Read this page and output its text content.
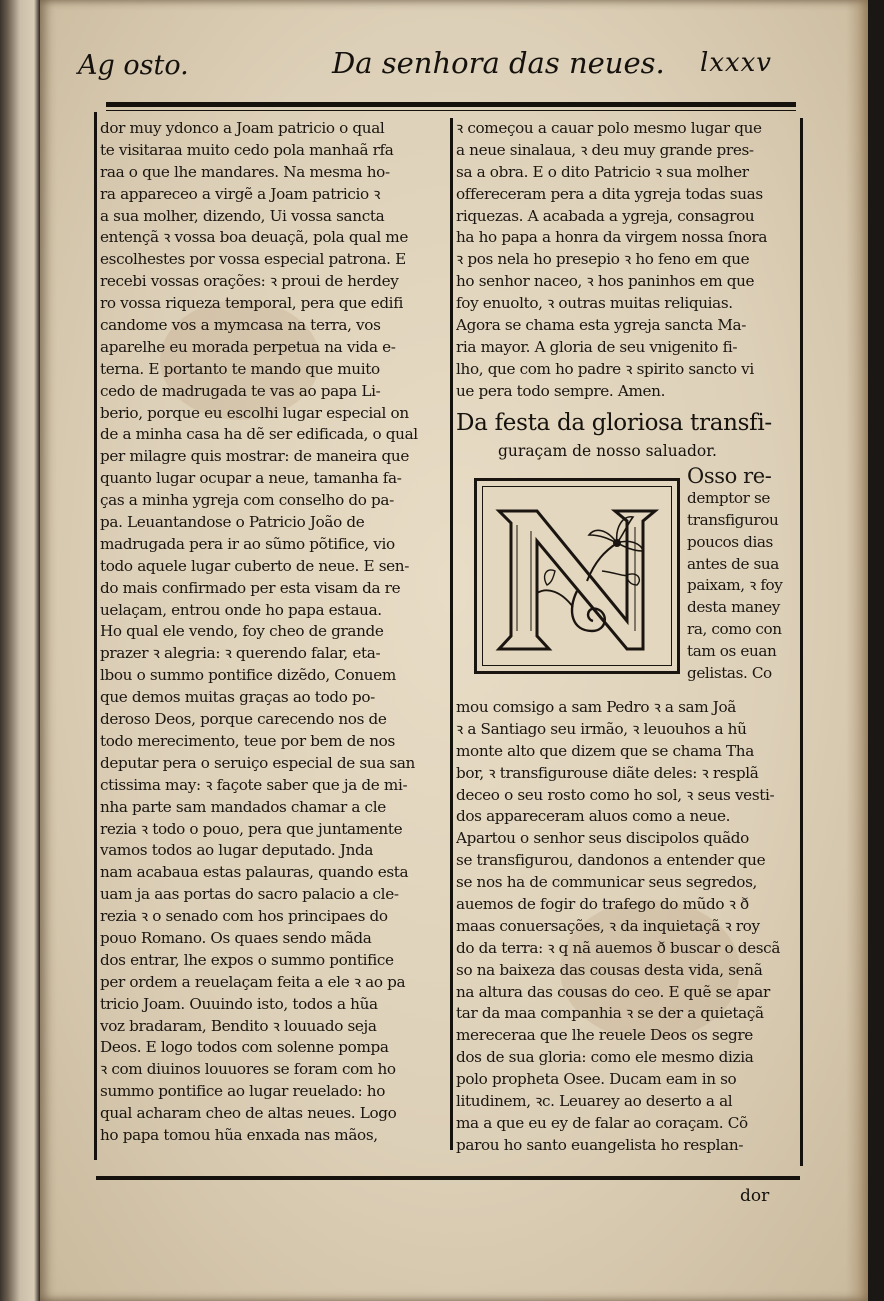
Ag osto.	Da senhora das neues. lxxxv
dor muy ydonco a Joam patricio o qual
te visitaraa muito cedo pola manhaã rfa
raa o que lhe mandares. Na mesma ho-
ra appareceo a virgẽ a Joam patricio ꝛ
a sua molher, dizendo, Ui vossa sancta
entençã ꝛ vossa boa deuaçã, pola qual me
escolhestes por vossa especial patrona. E
recebi vossas orações: ꝛ proui de herdey
ro vossa riqueza temporal, pera que edifi
candome vos a mymcasa na terra, vos
aparelhe eu morada perpetua na vida e-
terna. E portanto te mando que muito
cedo de madrugada te vas ao papa Li-
berio, porque eu escolhi lugar especial on
de a minha casa ha dẽ ser edificada, o qual
per milagre quis mostrar: de maneira que
quanto lugar ocupar a neue, tamanha fa-
ças a minha ygreja com conselho do pa-
pa. Leuantandose o Patricio João de
madrugada pera ir ao sũmo põtifice, vio
todo aquele lugar cuberto de neue. E sen-
do mais confirmado per esta visam da re
uelaçam, entrou onde ho papa estaua.
Ho qual ele vendo, foy cheo de grande
prazer ꝛ alegria: ꝛ querendo falar, eta-
lbou o summo pontifice dizẽdo, Conuem
que demos muitas graças ao todo po-
deroso Deos, porque carecendo nos de
todo merecimento, teue por bem de nos
deputar pera o seruiço especial de sua san
ctissima may: ꝛ façote saber que ja de mi-
nha parte sam mandados chamar a cle
rezia ꝛ todo o pouo, pera que juntamente
vamos todos ao lugar deputado. Jnda
nam acabaua estas palauras, quando esta
uam ja aas portas do sacro palacio a cle-
rezia ꝛ o senado com hos principaes do
pouo Romano. Os quaes sendo mãda
dos entrar, lhe expos o summo pontifice
per ordem a reuelaçam feita a ele ꝛ ao pa
tricio Joam. Ouuindo isto, todos a hũa
voz bradaram, Bendito ꝛ louuado seja
Deos. E logo todos com solenne pompa
ꝛ com diuinos louuores se foram com ho
summo pontifice ao lugar reuelado: ho
qual acharam cheo de altas neues. Logo
ho papa tomou hũa enxada nas mãos,
ꝛ começou a cauar polo mesmo lugar que
a neue sinalaua, ꝛ deu muy grande pres-
sa a obra. E o dito Patricio ꝛ sua molher
offereceram pera a dita ygreja todas suas
riquezas. A acabada a ygreja, consagrou
ha ho papa a honra da virgem nossa ſnora
ꝛ pos nela ho presepio ꝛ ho feno em que
ho senhor naceo, ꝛ hos paninhos em que
foy enuolto, ꝛ outras muitas reliquias.
Agora se chama esta ygreja sancta Ma-
ria mayor. A gloria de seu vnigenito fi-
lho, que com ho padre ꝛ spirito sancto vi
ue pera todo sempre. Amen.
Da festa da gloriosa transfi-
guraçam de nosso saluador.
Osso re-
demptor se
transfigurou
poucos dias
antes de sua
paixam, ꝛ foy
desta maney
ra, como con
tam os euan
gelistas. Co
mou comsigo a sam Pedro ꝛ a sam Joã
ꝛ a Santiago seu irmão, ꝛ leuouhos a hũ
monte alto que dizem que se chama Tha
bor, ꝛ transfigurouse diãte deles: ꝛ resplã
deceo o seu rosto como ho sol, ꝛ seus vesti-
dos appareceram aluos como a neue.
Apartou o senhor seus discipolos quãdo
se transfigurou, dandonos a entender que
se nos ha de communicar seus segredos,
auemos de fogir do trafego do mũdo ꝛ ð
maas conuersações, ꝛ da inquietaçã ꝛ roy
do da terra: ꝛ q nã auemos ð buscar o descã
so na baixeza das cousas desta vida, senã
na altura das cousas do ceo. E quẽ se apar
tar da maa companhia ꝛ se der a quietaçã
mereceraa que lhe reuele Deos os segre
dos de sua gloria: como ele mesmo dizia
polo propheta Osee. Ducam eam in so
litudinem, ꝛc. Leuarey ao deserto a al
ma a que eu ey de falar ao coraçam. Cõ
parou ho santo euangelista ho resplan-
dor
